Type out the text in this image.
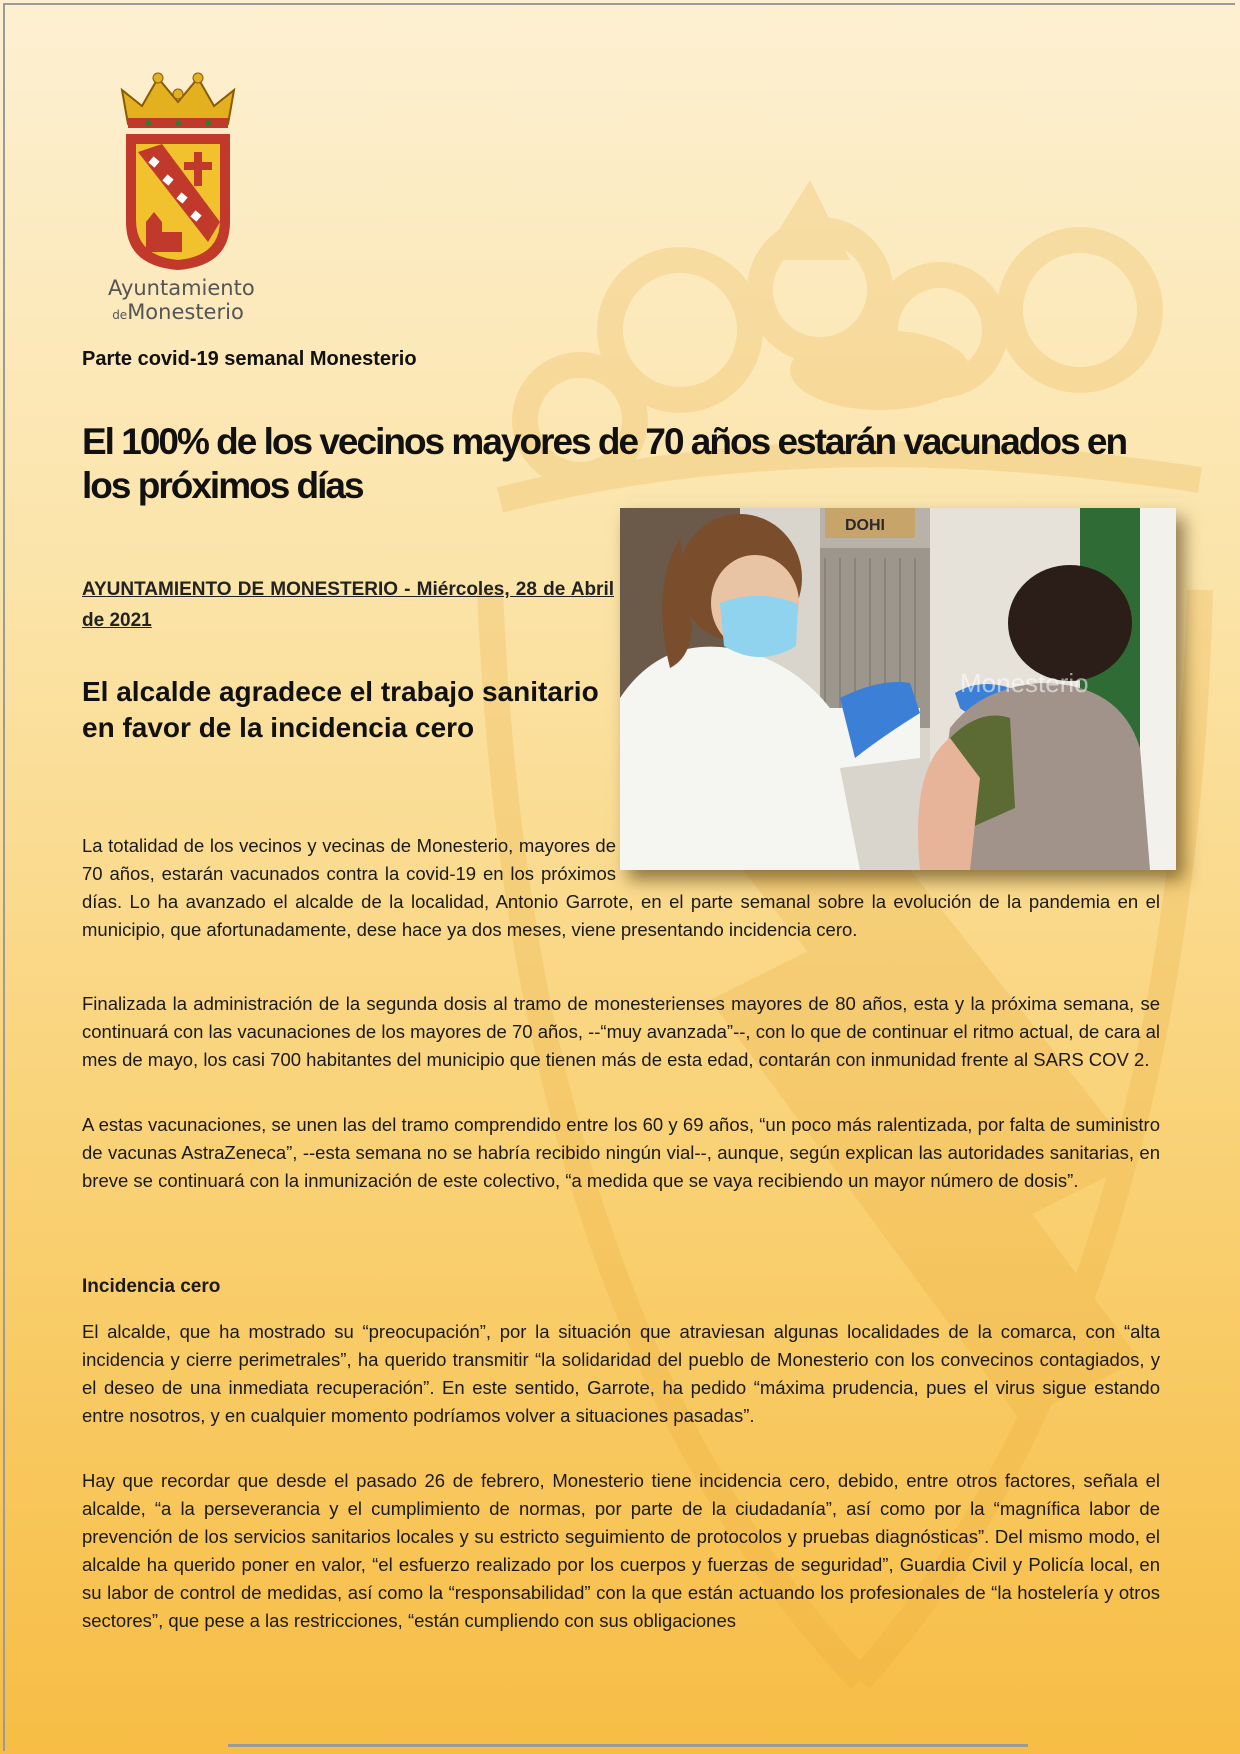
Ayuntamiento
deMonesterio
Parte covid-19 semanal Monesterio
El 100% de los vecinos mayores de 70 años estarán vacunados en los próximos días
AYUNTAMIENTO DE MONESTERIO - Miércoles, 28 de Abril de 2021
El alcalde agradece el trabajo sanitario en favor de la incidencia cero
DOHI
Monesterio

La totalidad de los vecinos y vecinas de Monesterio, mayores de 70 años, estarán vacunados contra la covid-19 en los próximos días. Lo ha avanzado el alcalde de la localidad, Antonio Garrote, en el parte semanal sobre la evolución de la pandemia en el municipio, que afortunadamente, dese hace ya dos meses, viene presentando incidencia cero.

Finalizada la administración de la segunda dosis al tramo de monesterienses mayores de 80 años, esta y la próxima semana, se continuará con las vacunaciones de los mayores de 70 años, --“muy avanzada”--, con lo que de continuar el ritmo actual, de cara al mes de mayo, los casi 700 habitantes del municipio que tienen más de esta edad, contarán con inmunidad frente al SARS COV 2.

A estas vacunaciones, se unen las del tramo comprendido entre los 60 y 69 años, “un poco más ralentizada, por falta de suministro de vacunas AstraZeneca”, --esta semana no se habría recibido ningún vial--, aunque, según explican las autoridades sanitarias, en breve se continuará con la inmunización de este colectivo, “a medida que se vaya recibiendo un mayor número de dosis”.

Incidencia cero

El alcalde, que ha mostrado su “preocupación”, por la situación que atraviesan algunas localidades de la comarca, con “alta incidencia y cierre perimetrales”, ha querido transmitir “la solidaridad del pueblo de Monesterio con los convecinos contagiados, y el deseo de una inmediata recuperación”. En este sentido, Garrote, ha pedido “máxima prudencia, pues el virus sigue estando entre nosotros, y en cualquier momento podríamos volver a situaciones pasadas”.

Hay que recordar que desde el pasado 26 de febrero, Monesterio tiene incidencia cero, debido, entre otros factores, señala el alcalde, “a la perseverancia y el cumplimiento de normas, por parte de la ciudadanía”, así como por la “magnífica labor de prevención de los servicios sanitarios locales y su estricto seguimiento de protocolos y pruebas diagnósticas”. Del mismo modo, el alcalde ha querido poner en valor, “el esfuerzo realizado por los cuerpos y fuerzas de seguridad”, Guardia Civil y Policía local, en su labor de control de medidas, así como la “responsabilidad” con la que están actuando los profesionales de “la hostelería y otros sectores”, que pese a las restricciones, “están cumpliendo con sus obligaciones
